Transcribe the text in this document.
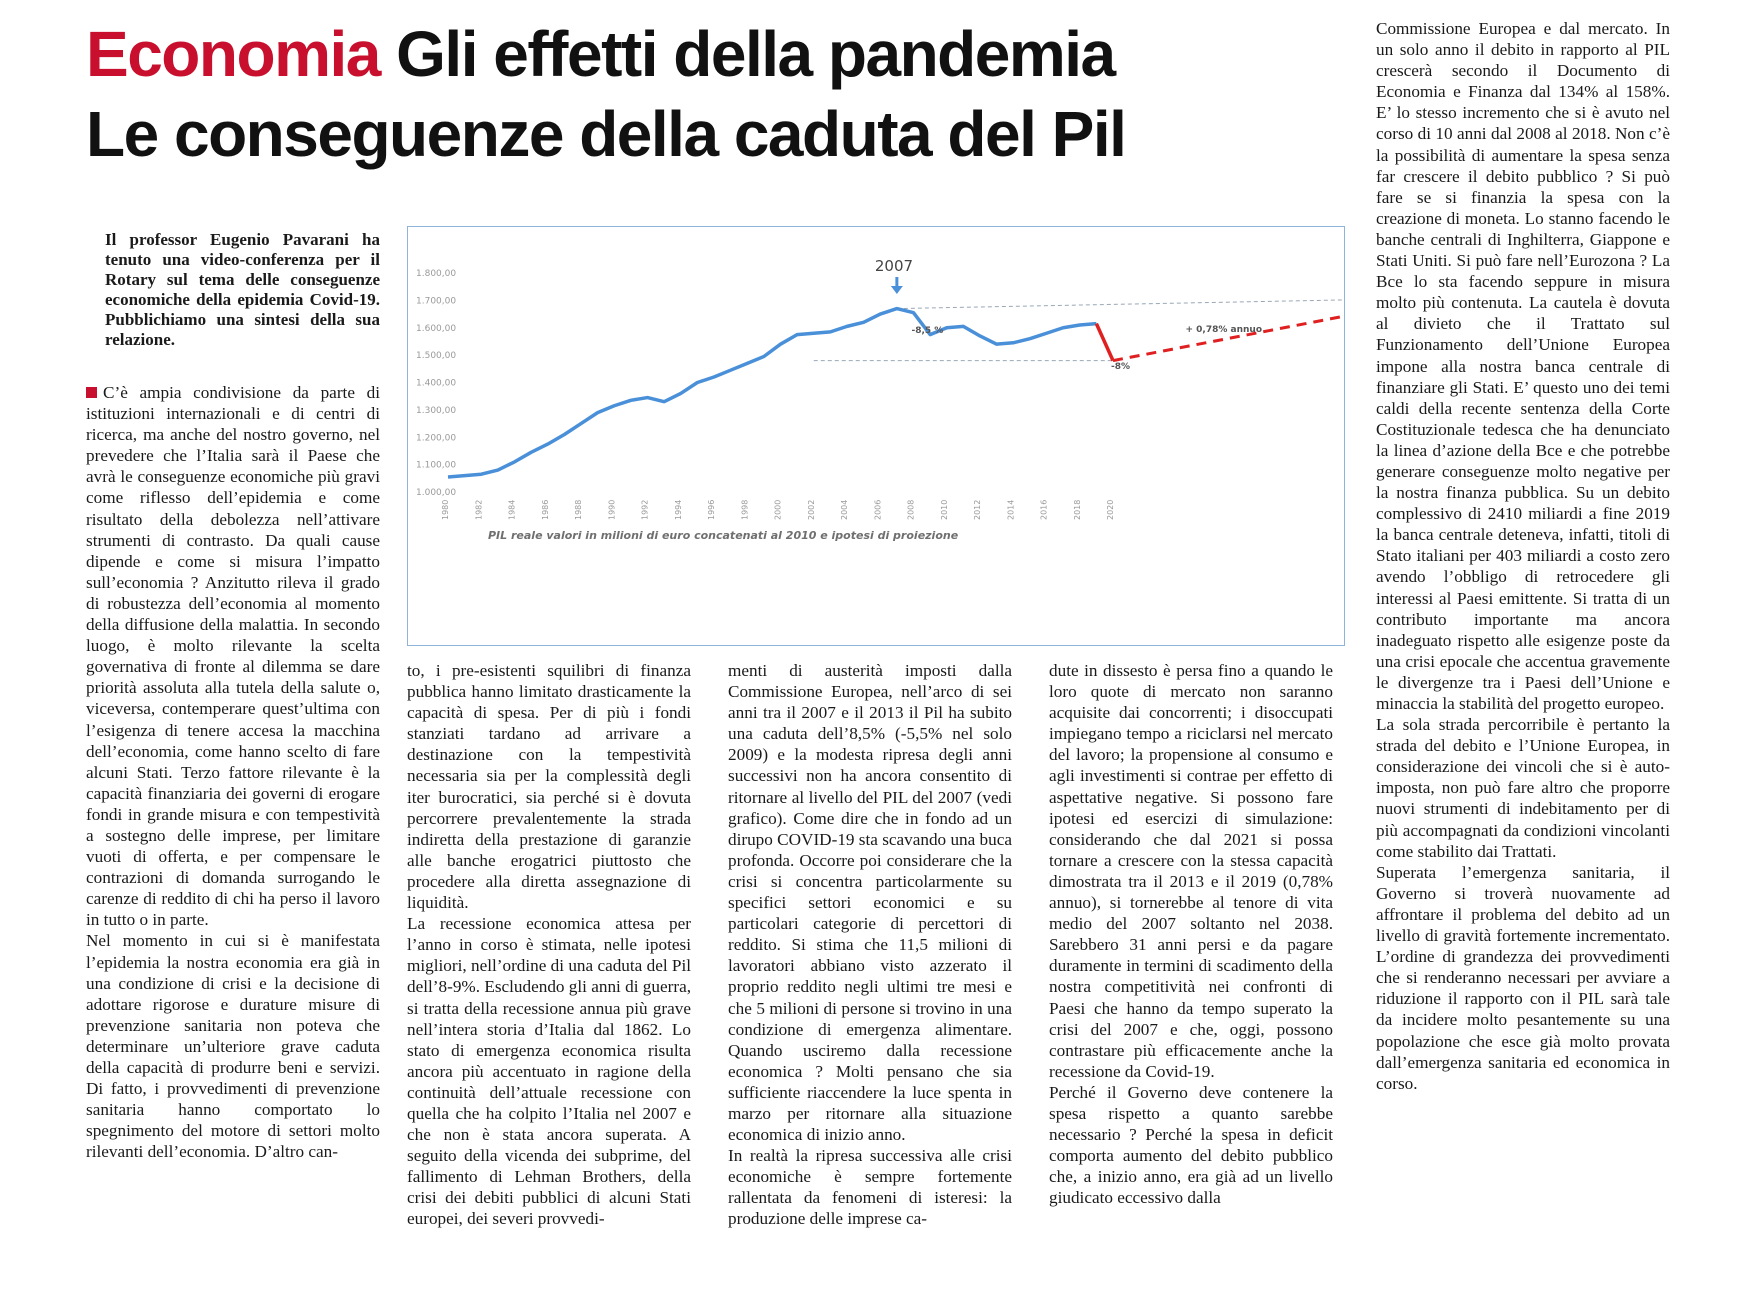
Economia Gli effetti della pandemia
Le conseguenze della caduta del Pil
Il professor Eugenio Pavarani ha tenuto una video-conferenza per il Rotary sul tema delle conseguenze economiche della epidemia Covid-19. Pubblichiamo una sintesi della sua relazione.

C’è ampia condivisione da parte di istituzioni internazionali e di centri di ricerca, ma anche del nostro governo, nel prevedere che l’Italia sarà il Paese che avrà le conseguenze economiche più gravi come riflesso dell’epidemia e come risultato della debolezza nell’attivare strumenti di contrasto. Da quali cause dipende e come si misura l’impatto sull’economia ? Anzitutto rileva il grado di robustezza dell’economia al momento della diffusione della malattia. In secondo luogo, è molto rilevante la scelta governativa di fronte al dilemma se dare priorità assoluta alla tutela della salute o, viceversa, contemperare quest’ultima con l’esigenza di tenere accesa la macchina dell’economia, come hanno scelto di fare alcuni Stati. Terzo fattore rilevante è la capacità finanziaria dei governi di erogare fondi in grande misura e con tempestività a sostegno delle imprese, per limitare vuoti di offerta, e per compensare le contrazioni di domanda surrogando le carenze di reddito di chi ha perso il lavoro in tutto o in parte.

Nel momento in cui si è manifestata l’epidemia la nostra economia era già in una condizione di crisi e la decisione di adottare rigorose e durature misure di prevenzione sanitaria non poteva che determinare un’ulteriore grave caduta della capacità di produrre beni e servizi. Di fatto, i provvedimenti di prevenzione sanitaria hanno comportato lo spegnimento del motore di settori molto rilevanti dell’economia. D’altro can-

to, i pre-esistenti squilibri di finanza pubblica hanno limitato drasticamente la capacità di spesa. Per di più i fondi stanziati tardano ad arrivare a destinazione con la tempestività necessaria sia per la complessità degli iter burocratici, sia perché si è dovuta percorrere prevalentemente la strada indiretta della prestazione di garanzie alle banche erogatrici piuttosto che procedere alla diretta assegnazione di liquidità.

La recessione economica attesa per l’anno in corso è stimata, nelle ipotesi migliori, nell’ordine di una caduta del Pil dell’8-9%. Escludendo gli anni di guerra, si tratta della recessione annua più grave nell’intera storia d’Italia dal 1862. Lo stato di emergenza economica risulta ancora più accentuato in ragione della continuità dell’attuale recessione con quella che ha colpito l’Italia nel 2007 e che non è stata ancora superata. A seguito della vicenda dei subprime, del fallimento di Lehman Brothers, della crisi dei debiti pubblici di alcuni Stati europei, dei severi provvedi-

menti di austerità imposti dalla Commissione Europea, nell’arco di sei anni tra il 2007 e il 2013 il Pil ha subito una caduta dell’8,5% (-5,5% nel solo 2009) e la modesta ripresa degli anni successivi non ha ancora consentito di ritornare al livello del PIL del 2007 (vedi grafico). Come dire che in fondo ad un dirupo COVID-19 sta scavando una buca profonda. Occorre poi considerare che la crisi si concentra particolarmente su specifici settori economici e su particolari categorie di percettori di reddito. Si stima che 11,5 milioni di lavoratori abbiano visto azzerato il proprio reddito negli ultimi tre mesi e che 5 milioni di persone si trovino in una condizione di emergenza alimentare. Quando usciremo dalla recessione economica ? Molti pensano che sia sufficiente riaccendere la luce spenta in marzo per ritornare alla situazione economica di inizio anno.

In realtà la ripresa successiva alle crisi economiche è sempre fortemente rallentata da fenomeni di isteresi: la produzione delle imprese ca-

dute in dissesto è persa fino a quando le loro quote di mercato non saranno acquisite dai concorrenti; i disoccupati impiegano tempo a riciclarsi nel mercato del lavoro; la propensione al consumo e agli investimenti si contrae per effetto di aspettative negative. Si possono fare ipotesi ed esercizi di simulazione: considerando che dal 2021 si possa tornare a crescere con la stessa capacità dimostrata tra il 2013 e il 2019 (0,78% annuo), si tornerebbe al tenore di vita medio del 2007 soltanto nel 2038. Sarebbero 31 anni persi e da pagare duramente in termini di scadimento della nostra competitività nei confronti di Paesi che hanno da tempo superato la crisi del 2007 e che, oggi, possono contrastare più efficacemente anche la recessione da Covid-19.

Perché il Governo deve contenere la spesa rispetto a quanto sarebbe necessario ? Perché la spesa in deficit comporta aumento del debito pubblico che, a inizio anno, era già ad un livello giudicato eccessivo dalla

Commissione Europea e dal mercato. In un solo anno il debito in rapporto al PIL crescerà secondo il Documento di Economia e Finanza dal 134% al 158%. E’ lo stesso incremento che si è avuto nel corso di 10 anni dal 2008 al 2018. Non c’è la possibilità di aumentare la spesa senza far crescere il debito pubblico ? Si può fare se si finanzia la spesa con la creazione di moneta. Lo stanno facendo le banche centrali di Inghilterra, Giappone e Stati Uniti. Si può fare nell’Eurozona ? La Bce lo sta facendo seppure in misura molto più contenuta. La cautela è dovuta al divieto che il Trattato sul Funzionamento dell’Unione Europea impone alla nostra banca centrale di finanziare gli Stati. E’ questo uno dei temi caldi della recente sentenza della Corte Costituzionale tedesca che ha denunciato la linea d’azione della Bce e che potrebbe generare conseguenze molto negative per la nostra finanza pubblica. Su un debito complessivo di 2410 miliardi a fine 2019 la banca centrale deteneva, infatti, titoli di Stato italiani per 403 miliardi a costo zero avendo l’obbligo di retrocedere gli interessi al Paesi emittente. Si tratta di un contributo importante ma ancora inadeguato rispetto alle esigenze poste da una crisi epocale che accentua gravemente le divergenze tra i Paesi dell’Unione e minaccia la stabilità del progetto europeo.

La sola strada percorribile è pertanto la strada del debito e l’Unione Europea, in considerazione dei vincoli che si è auto-imposta, non può fare altro che proporre nuovi strumenti di indebitamento per di più accompagnati da condizioni vincolanti come stabilito dai Trattati.

Superata l’emergenza sanitaria, il Governo si troverà nuovamente ad affrontare il problema del debito ad un livello di gravità fortemente incrementato. L’ordine di grandezza dei provvedimenti che si renderanno necessari per avviare a riduzione il rapporto con il PIL sarà tale da incidere molto pesantemente su una popolazione che esce già molto provata dall’emergenza sanitaria ed economica in corso.

1.000,00
1.100,00
1.200,00
1.300,00
1.400,00
1.500,00
1.600,00
1.700,00
1.800,00
1980	1982	1984	1986	1988	1990	1992	1994	1996	1998	2000	2002	2004	2006	2008	2010	2012	2014	2016	2018	2020
2007
-8,5 %
-8%
+ 0,78% annuo
PIL reale valori in milioni di euro concatenati al 2010 e ipotesi di proiezione
